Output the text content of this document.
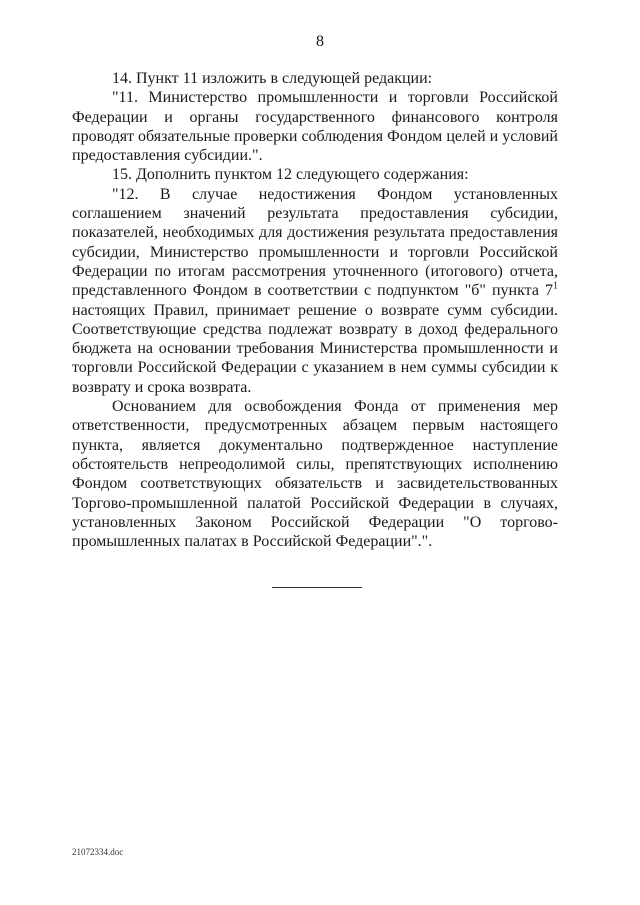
8

14. Пункт 11 изложить в следующей редакции:

"11. Министерство промышленности и торговли Российской Федерации и органы государственного финансового контроля проводят обязательные проверки соблюдения Фондом целей и условий предоставления субсидии.".

15. Дополнить пунктом 12 следующего содержания:

"12. В случае недостижения Фондом установленных соглашением значений результата предоставления субсидии, показателей, необходимых для достижения результата предоставления субсидии, Министерство промышленности и торговли Российской Федерации по итогам рассмотрения уточненного (итогового) отчета, представленного Фондом в соответствии с подпунктом "б" пункта $7^1$ настоящих Правил, принимает решение о возврате сумм субсидии. Соответствующие средства подлежат возврату в доход федерального бюджета на основании требования Министерства промышленности и торговли Российской Федерации с указанием в нем суммы субсидии к возврату и срока возврата.

Основанием для освобождения Фонда от применения мер ответственности, предусмотренных абзацем первым настоящего пункта, является документально подтвержденное наступление обстоятельств непреодолимой силы, препятствующих исполнению Фондом соответствующих обязательств и засвидетельствованных Торгово-промышленной палатой Российской Федерации в случаях, установленных Законом Российской Федерации "О торгово-промышленных палатах в Российской Федерации".".

21072334.doc
